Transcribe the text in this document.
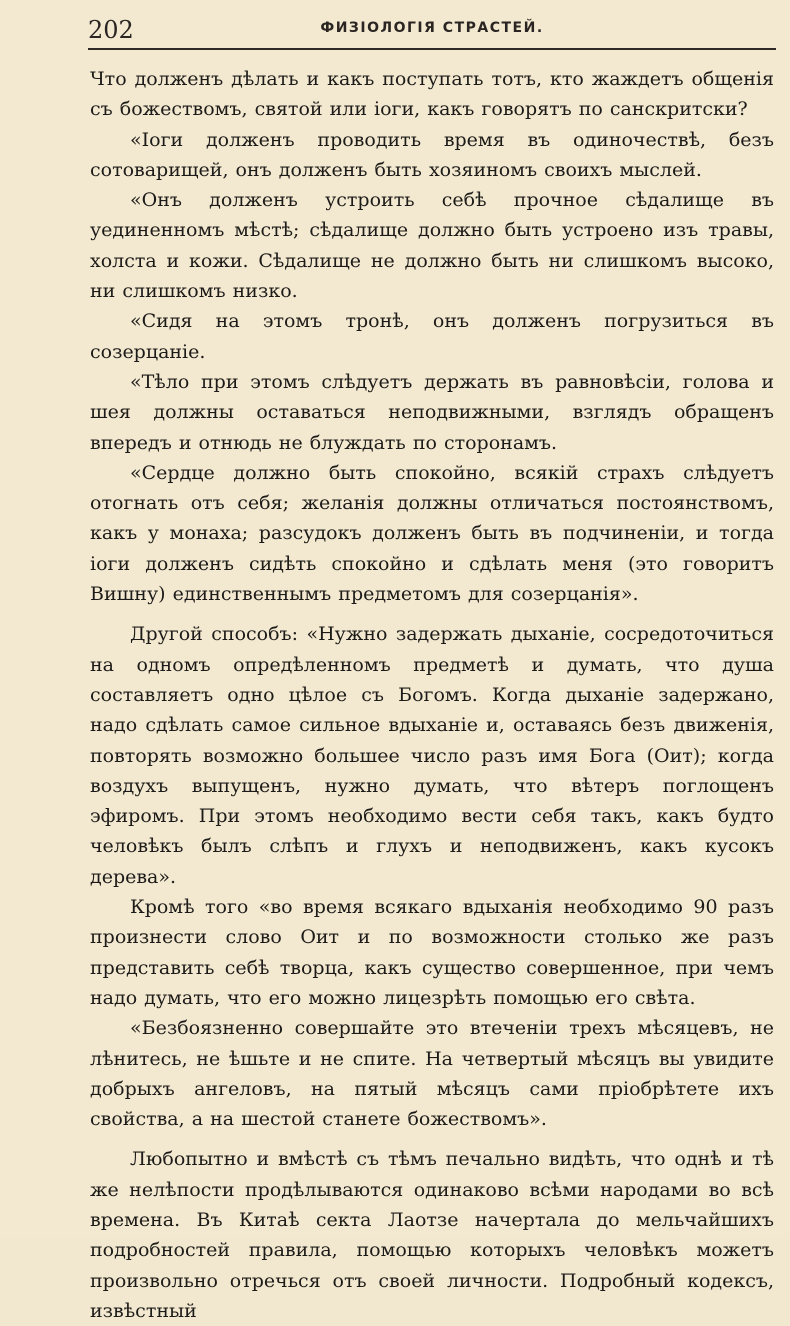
202	ФИЗIОЛОГIЯ СТРАСТЕЙ.

Что долженъ дѣлать и какъ поступать тотъ, кто жаждетъ общенiя съ божествомъ, святой или iоги, какъ говорятъ по санскритски?

«Iоги долженъ проводить время въ одиночествѣ, безъ сотоварищей, онъ долженъ быть хозяиномъ своихъ мыслей.

«Онъ долженъ устроить себѣ прочное сѣдалище въ уединенномъ мѣстѣ; сѣдалище должно быть устроено изъ травы, холста и кожи. Сѣдалище не должно быть ни слишкомъ высоко, ни слишкомъ низко.

«Сидя на этомъ тронѣ, онъ долженъ погрузиться въ созерцанiе.

«Тѣло при этомъ слѣдуетъ держать въ равновѣсiи, голова и шея должны оставаться неподвижными, взглядъ обращенъ впередъ и отнюдь не блуждать по сторонамъ.

«Сердце должно быть спокойно, всякiй страхъ слѣдуетъ отогнать отъ себя; желанiя должны отличаться постоянствомъ, какъ у монаха; разсудокъ долженъ быть въ подчиненiи, и тогда iоги долженъ сидѣть спокойно и сдѣлать меня (это говоритъ Вишну) единственнымъ предметомъ для созерцанiя».

Другой способъ: «Нужно задержать дыханiе, сосредоточиться на одномъ опредѣленномъ предметѣ и думать, что душа составляетъ одно цѣлое съ Богомъ. Когда дыханiе задержано, надо сдѣлать самое сильное вдыханiе и, оставаясь безъ движенiя, повторять возможно большее число разъ имя Бога (Оит); когда воздухъ выпущенъ, нужно думать, что вѣтеръ поглощенъ эфиромъ. При этомъ необходимо вести себя такъ, какъ будто человѣкъ былъ слѣпъ и глухъ и неподвиженъ, какъ кусокъ дерева».

Кромѣ того «во время всякаго вдыханiя необходимо 90 разъ произнести слово Оит и по возможности столько же разъ представить себѣ творца, какъ существо совершенное, при чемъ надо думать, что его можно лицезрѣть помощью его свѣта.

«Безбоязненно совершайте это втеченiи трехъ мѣсяцевъ, не лѣнитесь, не ѣшьте и не спите. На четвертый мѣсяцъ вы увидите добрыхъ ангеловъ, на пятый мѣсяцъ сами прiобрѣтете ихъ свойства, а на шестой станете божествомъ».

Любопытно и вмѣстѣ съ тѣмъ печально видѣть, что однѣ и тѣ же нелѣпости продѣлываются одинаково всѣми народами во всѣ времена. Въ Китаѣ секта Лаотзе начертала до мельчайшихъ подробностей правила, помощью которыхъ человѣкъ можетъ произвольно отречься отъ своей личности. Подробный кодексъ, извѣстный
